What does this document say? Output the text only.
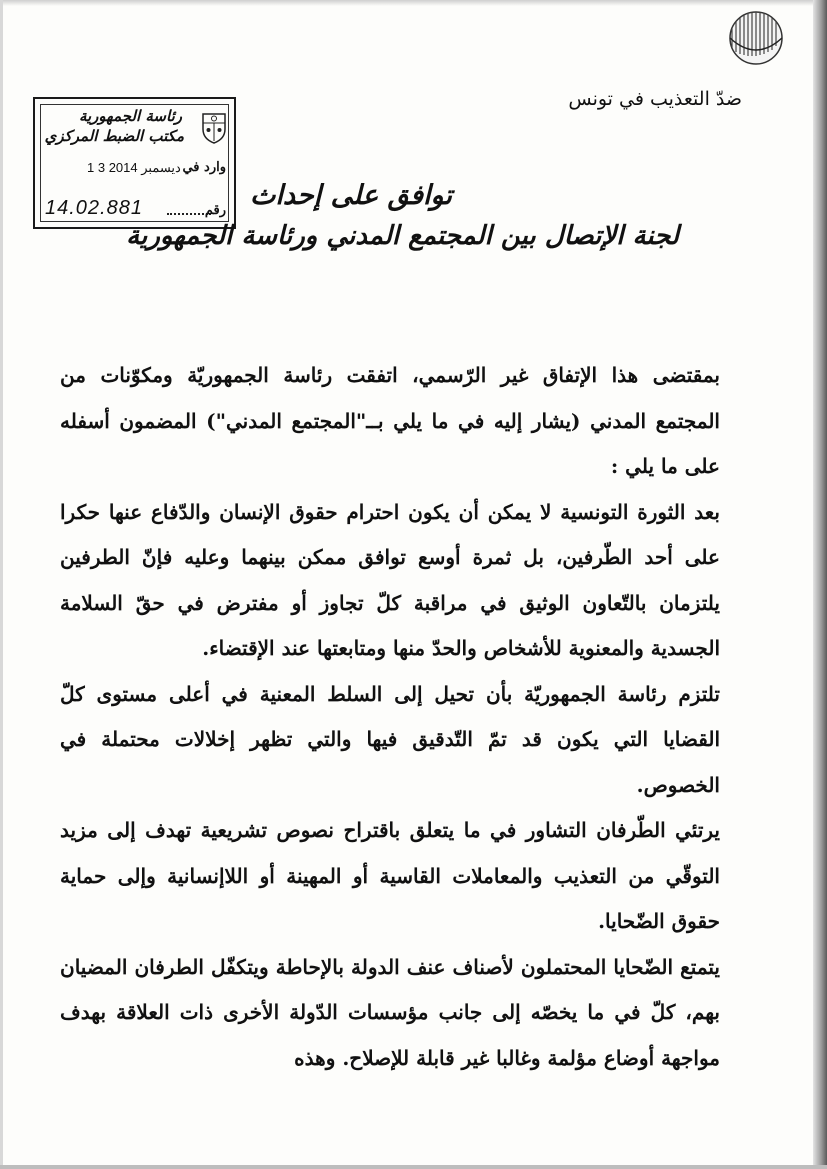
ضدّ التعذيب في تونس
رئاسة الجمهورية
مكتب الضبط المركزي
1 3 ديسمبر 2014 وارد في
14.02.881	رقم توافق على إحداث
لجنة الإتصال بين المجتمع المدني ورئاسة الجمهورية

بمقتضى هذا الإتفاق غير الرّسمي، اتفقت رئاسة الجمهوريّة ومكوّنات من المجتمع المدني (يشار إليه في ما يلي بــ"المجتمع المدني") المضمون أسفله على ما يلي :

بعد الثورة التونسية لا يمكن أن يكون احترام حقوق الإنسان والدّفاع عنها حكرا على أحد الطّرفين، بل ثمرة أوسع توافق ممكن بينهما وعليه فإنّ الطرفين يلتزمان بالتّعاون الوثيق في مراقبة كلّ تجاوز أو مفترض في حقّ السلامة الجسدية والمعنوية للأشخاص والحدّ منها ومتابعتها عند الإقتضاء.

تلتزم رئاسة الجمهوريّة بأن تحيل إلى السلط المعنية في أعلى مستوى كلّ القضايا التي يكون قد تمّ التّدقيق فيها والتي تظهر إخلالات محتملة في الخصوص.

يرتئي الطّرفان التشاور في ما يتعلق باقتراح نصوص تشريعية تهدف إلى مزيد التوقّي من التعذيب والمعاملات القاسية أو المهينة أو اللاإنسانية وإلى حماية حقوق الضّحايا.

يتمتع الضّحايا المحتملون لأصناف عنف الدولة بالإحاطة ويتكفّل الطرفان المضيان بهم، كلّ في ما يخصّه إلى جانب مؤسسات الدّولة الأخرى ذات العلاقة بهدف مواجهة أوضاع مؤلمة وغالبا غير قابلة للإصلاح. وهذه
